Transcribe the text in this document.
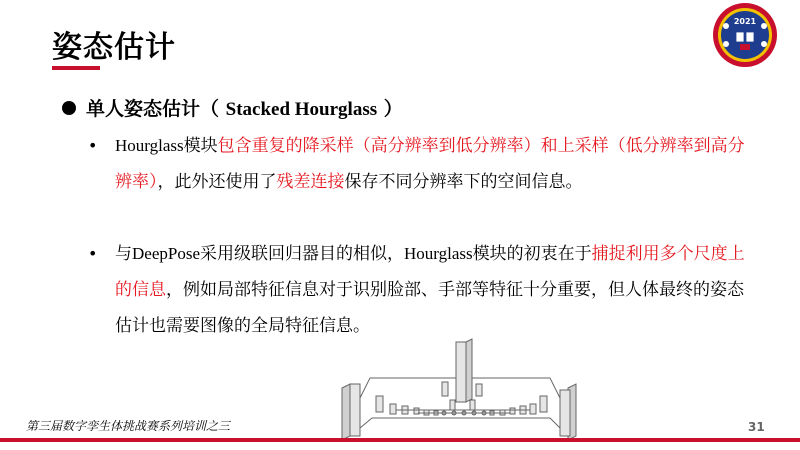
姿态估计
2021
单人姿态估计（ Stacked Hourglass ）
• Hourglass模块包含重复的降采样（高分辨率到低分辨率）和上采样（低分辨率到高分辨率），此外还使用了残差连接保存不同分辨率下的空间信息。
• 与DeepPose采用级联回归器目的相似，Hourglass模块的初衷在于捕捉利用多个尺度上的信息，例如局部特征信息对于识别脸部、手部等特征十分重要，但人体最终的姿态估计也需要图像的全局特征信息。
第三届数字孪生体挑战赛系列培训之三	31
